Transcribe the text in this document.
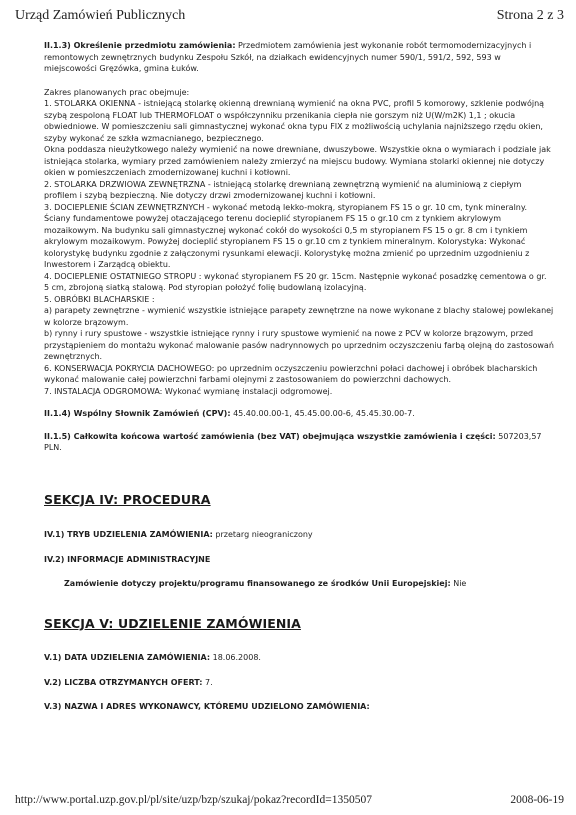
Urząd Zamówień Publicznych	Strona 2 z 3

II.1.3) Określenie przedmiotu zamówienia: Przedmiotem zamówienia jest wykonanie robót termomodernizacyjnych i remontowych zewnętrznych budynku Zespołu Szkół, na działkach ewidencyjnych numer 590/1, 591/2, 592, 593 w miejscowości Gręzówka, gmina Łuków.

Zakres planowanych prac obejmuje:

1. STOLARKA OKIENNA - istniejącą stolarkę okienną drewnianą wymienić na okna PVC, profil 5 komorowy, szklenie podwójną szybą zespoloną FLOAT lub THERMOFLOAT o współczynniku przenikania ciepła nie gorszym niż U(W/m2K) 1,1 ; okucia obwiedniowe. W pomieszczeniu sali gimnastycznej wykonać okna typu FIX z możliwością uchylania najniższego rzędu okien, szyby wykonać ze szkła wzmacnianego, bezpiecznego.

Okna poddasza nieużytkowego należy wymienić na nowe drewniane, dwuszybowe. Wszystkie okna o wymiarach i podziale jak istniejąca stolarka, wymiary przed zamówieniem należy zmierzyć na miejscu budowy. Wymiana stolarki okiennej nie dotyczy okien w pomieszczeniach zmodernizowanej kuchni i kotłowni.

2. STOLARKA DRZWIOWA ZEWNĘTRZNA - istniejącą stolarkę drewnianą zewnętrzną wymienić na aluminiową z ciepłym profilem i szybą bezpieczną. Nie dotyczy drzwi zmodernizowanej kuchni i kotłowni.

3. DOCIEPLENIE ŚCIAN ZEWNĘTRZNYCH - wykonać metodą lekko-mokrą, styropianem FS 15 o gr. 10 cm, tynk mineralny. Ściany fundamentowe powyżej otaczającego terenu docieplić styropianem FS 15 o gr.10 cm z tynkiem akrylowym mozaikowym. Na budynku sali gimnastycznej wykonać cokół do wysokości 0,5 m styropianem FS 15 o gr. 8 cm i tynkiem akrylowym mozaikowym. Powyżej docieplić styropianem FS 15 o gr.10 cm z tynkiem mineralnym. Kolorystyka: Wykonać kolorystykę budynku zgodnie z załączonymi rysunkami elewacji. Kolorystykę można zmienić po uprzednim uzgodnieniu z Inwestorem i Zarządcą obiektu.

4. DOCIEPLENIE OSTATNIEGO STROPU : wykonać styropianem FS 20 gr. 15cm. Następnie wykonać posadzkę cementowa o gr. 5 cm, zbrojoną siatką stalową. Pod styropian położyć folię budowlaną izolacyjną.

5. OBRÓBKI BLACHARSKIE :

a) parapety zewnętrzne - wymienić wszystkie istniejące parapety zewnętrzne na nowe wykonane z blachy stalowej powlekanej w kolorze brązowym.

b) rynny i rury spustowe - wszystkie istniejące rynny i rury spustowe wymienić na nowe z PCV w kolorze brązowym, przed przystąpieniem do montażu wykonać malowanie pasów nadrynnowych po uprzednim oczyszczeniu farbą olejną do zastosowań zewnętrznych.

6. KONSERWACJA POKRYCIA DACHOWEGO: po uprzednim oczyszczeniu powierzchni połaci dachowej i obróbek blacharskich wykonać malowanie całej powierzchni farbami olejnymi z zastosowaniem do powierzchni dachowych.

7. INSTALACJA ODGROMOWA: Wykonać wymianę instalacji odgromowej.

II.1.4) Wspólny Słownik Zamówień (CPV): 45.40.00.00-1, 45.45.00.00-6, 45.45.30.00-7.

II.1.5) Całkowita końcowa wartość zamówienia (bez VAT) obejmująca wszystkie zamówienia i części: 507203,57 PLN.

SEKCJA IV: PROCEDURA

IV.1) TRYB UDZIELENIA ZAMÓWIENIA: przetarg nieograniczony

IV.2) INFORMACJE ADMINISTRACYJNE

Zamówienie dotyczy projektu/programu finansowanego ze środków Unii Europejskiej: Nie

SEKCJA V: UDZIELENIE ZAMÓWIENIA

V.1) DATA UDZIELENIA ZAMÓWIENIA: 18.06.2008.

V.2) LICZBA OTRZYMANYCH OFERT: 7.

V.3) NAZWA I ADRES WYKONAWCY, KTÓREMU UDZIELONO ZAMÓWIENIA:

http://www.portal.uzp.gov.pl/pl/site/uzp/bzp/szukaj/pokaz?recordId=1350507	2008-06-19
